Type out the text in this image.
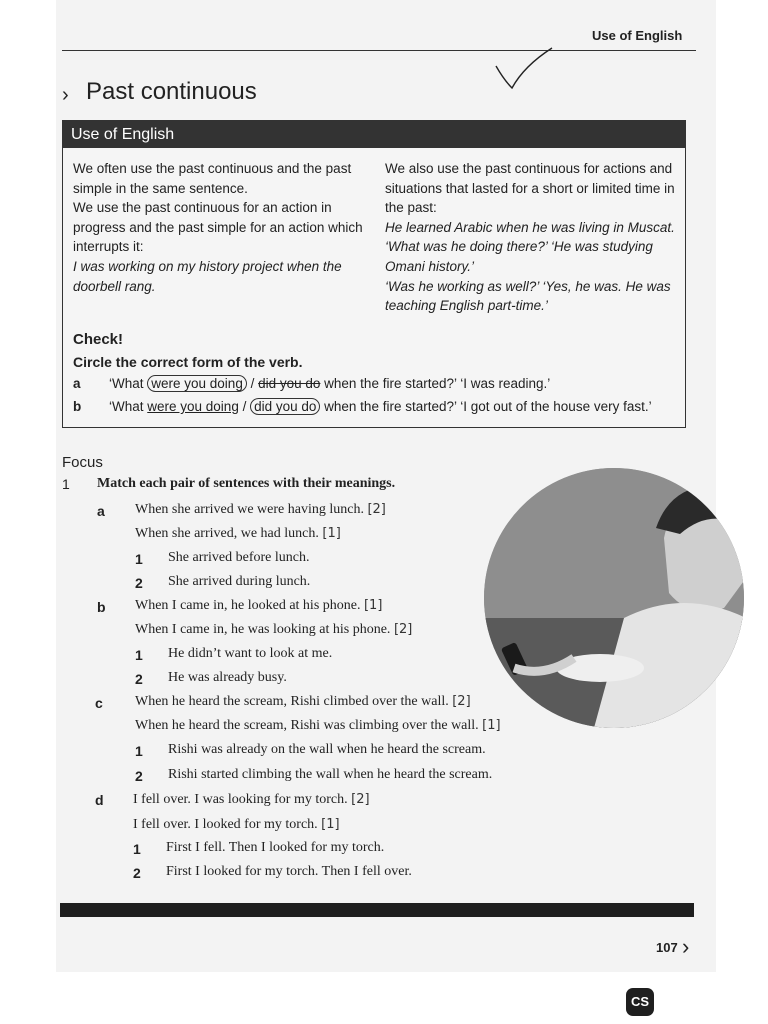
Use of English
› Past continuous
Use of English

We often use the past continuous and the past simple in the same sentence.

We use the past continuous for an action in progress and the past simple for an action which interrupts it:

I was working on my history project when the doorbell rang.

We also use the past continuous for actions and situations that lasted for a short or limited time in the past:

He learned Arabic when he was living in Muscat.

‘What was he doing there?’ ‘He was studying Omani history.’

‘Was he working as well?’ ‘Yes, he was. He was teaching English part-time.’

Check!
Circle the correct form of the verb.
a ‘What were you doing / did you do when the fire started?’ ‘I was reading.’
b ‘What were you doing / did you do when the fire started?’ ‘I got out of the house very fast.’
Focus
1 Match each pair of sentences with their meanings.
a When she arrived we were having lunch. [2]
When she arrived, we had lunch. [1]
1 She arrived before lunch.
2 She arrived during lunch.
b When I came in, he looked at his phone. [1]
When I came in, he was looking at his phone. [2]
1 He didn’t want to look at me.
2 He was already busy.
c When he heard the scream, Rishi climbed over the wall. [2]
When he heard the scream, Rishi was climbing over the wall. [1]
1 Rishi was already on the wall when he heard the scream.
2 Rishi started climbing the wall when he heard the scream.
d I fell over. I was looking for my torch. [2]
I fell over. I looked for my torch. [1]
1 First I fell. Then I looked for my torch.
2 First I looked for my torch. Then I fell over.
107 ›
CS
